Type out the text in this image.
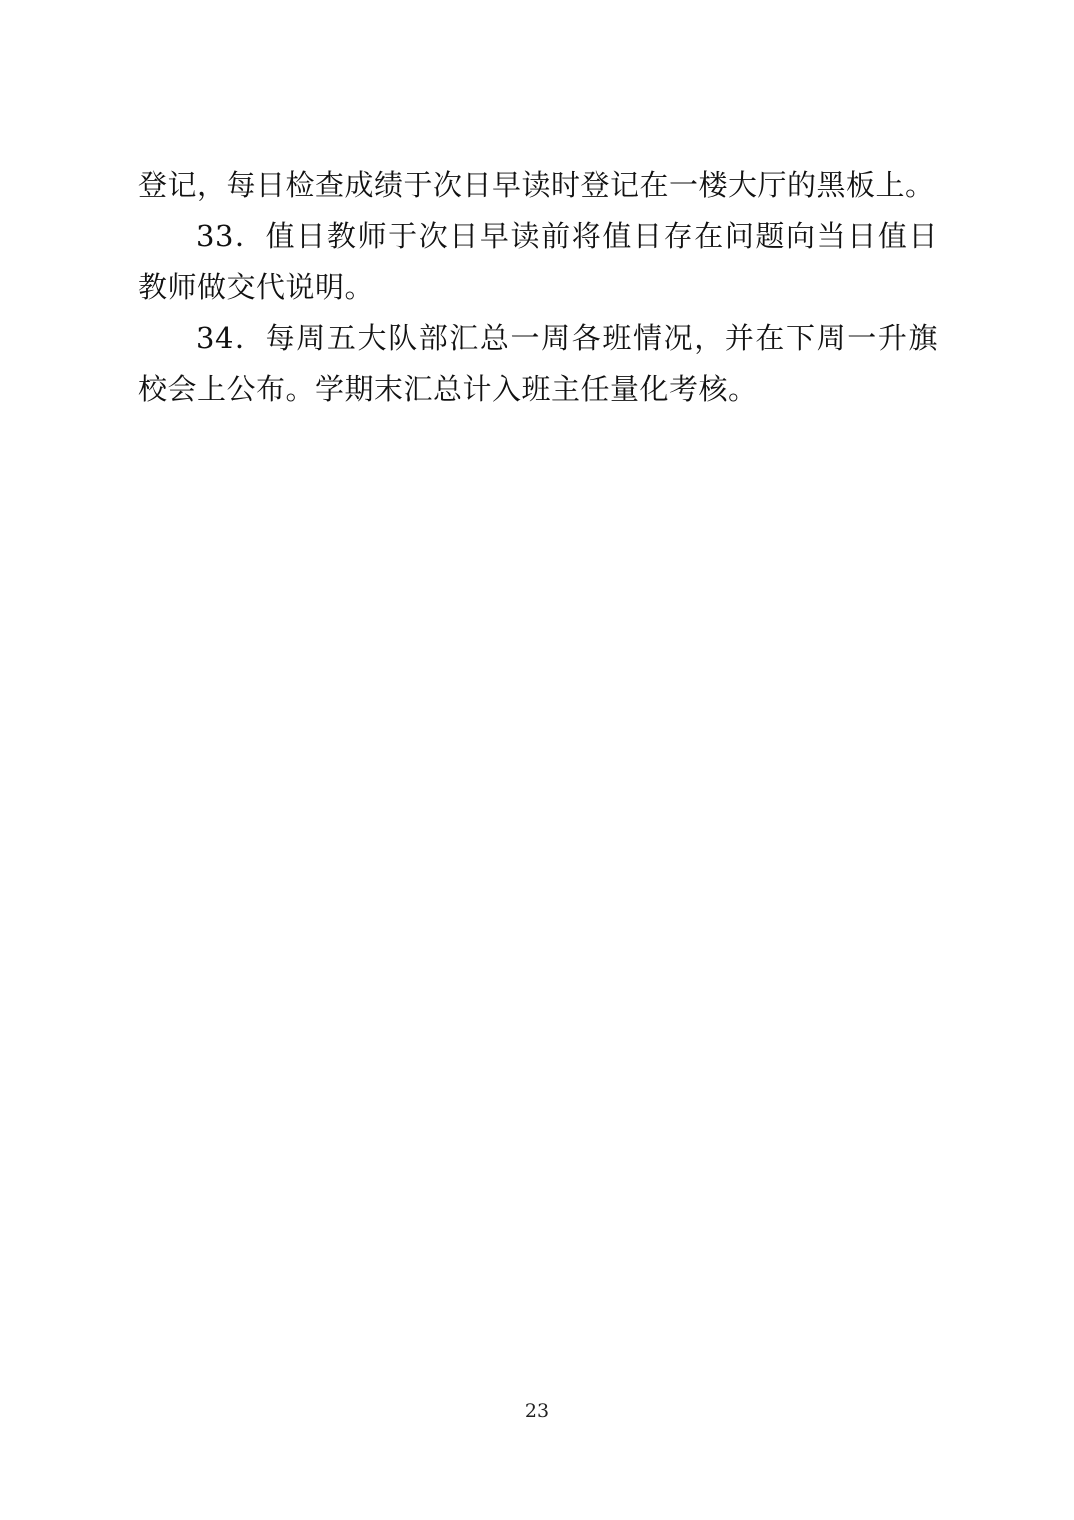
登记，每日检查成绩于次日早读时登记在一楼大厅的黑板上。

33．值日教师于次日早读前将值日存在问题向当日值日教师做交代说明。

34．每周五大队部汇总一周各班情况，并在下周一升旗校会上公布。学期末汇总计入班主任量化考核。

23
